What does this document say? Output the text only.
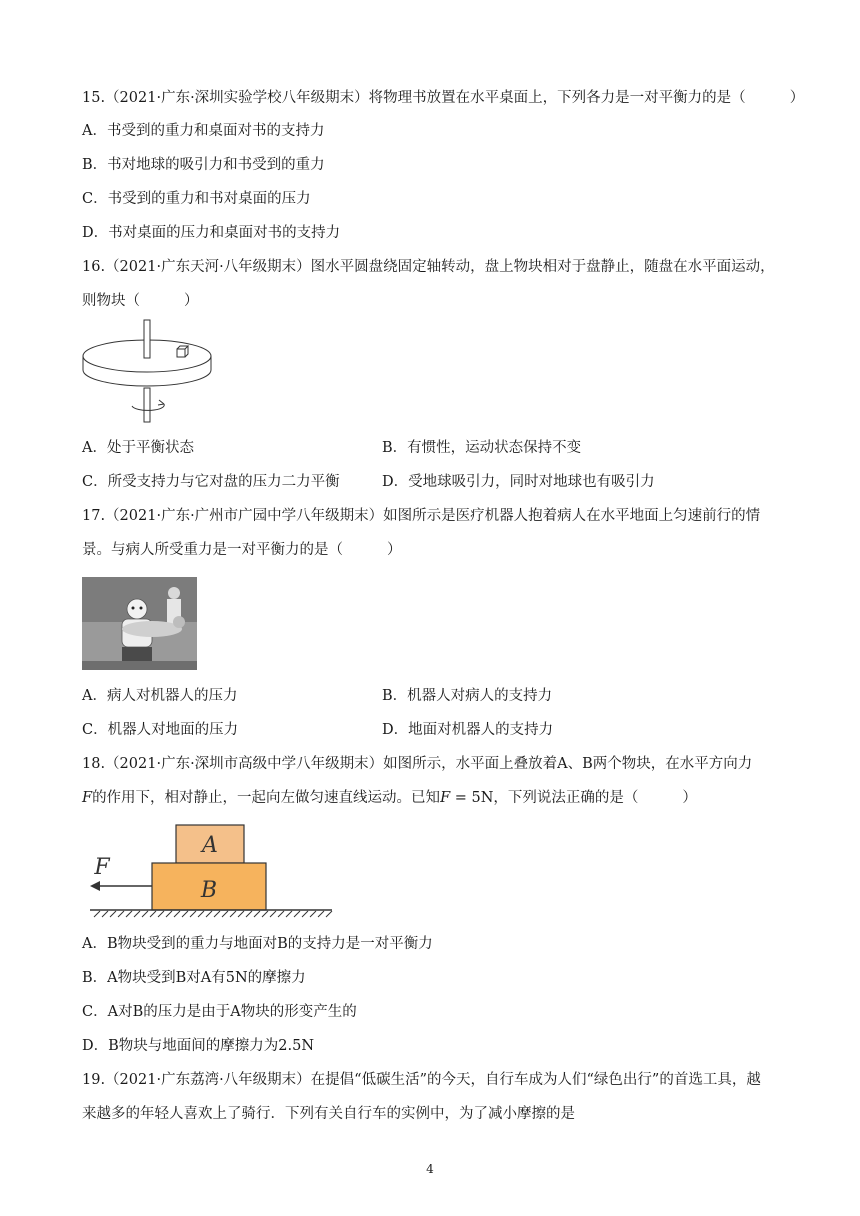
15.（2021·广东·深圳实验学校八年级期末）将物理书放置在水平桌面上，下列各力是一对平衡力的是（	）
A．书受到的重力和桌面对书的支持力
B．书对地球的吸引力和书受到的重力
C．书受到的重力和书对桌面的压力
D．书对桌面的压力和桌面对书的支持力
16.（2021·广东天河·八年级期末）图水平圆盘绕固定轴转动，盘上物块相对于盘静止，随盘在水平面运动，
则物块（	）
A．处于平衡状态	B．有惯性，运动状态保持不变
C．所受支持力与它对盘的压力二力平衡	D．受地球吸引力，同时对地球也有吸引力
17.（2021·广东·广州市广园中学八年级期末）如图所示是医疗机器人抱着病人在水平地面上匀速前行的情
景。与病人所受重力是一对平衡力的是（	）
A．病人对机器人的压力	B．机器人对病人的支持力
C．机器人对地面的压力	D．地面对机器人的支持力
18.（2021·广东·深圳市高级中学八年级期末）如图所示，水平面上叠放着A、B两个物块，在水平方向力
F的作用下，相对静止，一起向左做匀速直线运动。已知F = 5N，下列说法正确的是（	）
A
B
F
A．B物块受到的重力与地面对B的支持力是一对平衡力
B．A物块受到B对A有5N的摩擦力
C．A对B的压力是由于A物块的形变产生的
D．B物块与地面间的摩擦力为2.5N
19.（2021·广东荔湾·八年级期末）在提倡“低碳生活”的今天，自行车成为人们“绿色出行”的首选工具，越
来越多的年轻人喜欢上了骑行．下列有关自行车的实例中，为了减小摩擦的是
4
